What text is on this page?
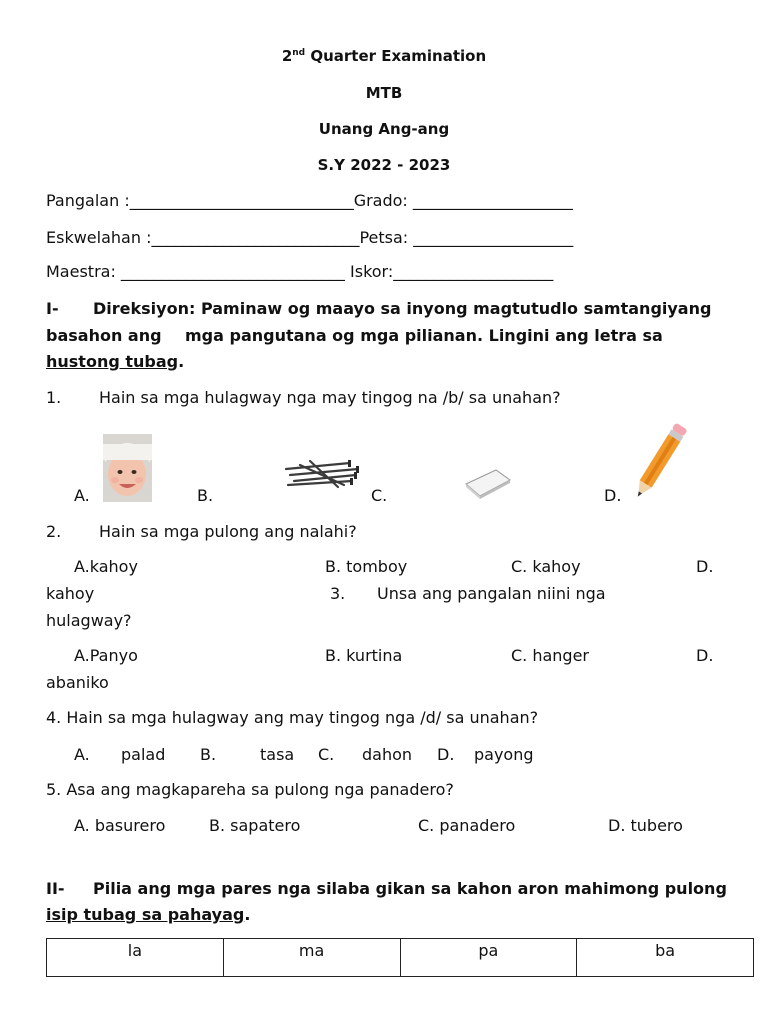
2nd Quarter Examination
MTB
Unang Ang-ang
S.Y 2022 - 2023
Pangalan :____________________________Grado: ____________________
Eskwelahan :__________________________Petsa: ____________________
Maestra: ____________________________ Iskor:____________________
I- Direksiyon: Paminaw og maayo sa inyong magtutudlo samtangiyang
basahon ang mga pangutana og mga pilianan. Lingini ang letra sa
hustong tubag.
1. Hain sa mga hulagway nga may tingog na /b/ sa unahan?
A.	B.	C.	D.
2. Hain sa mga pulong ang nalahi?
A.kahoy	B. tomboy	C. kahoy	D.
kahoy	3. Unsa ang pangalan niini nga
hulagway?
A.Panyo	B. kurtina	C. hanger	D.
abaniko
4. Hain sa mga hulagway ang may tingog nga /d/ sa unahan?
A. palad B.	tasa C. dahon D. payong
5. Asa ang magkapareha sa pulong nga panadero?
A. basurero	B. sapatero	C. panadero	D. tubero
II- Pilia ang mga pares nga silaba gikan sa kahon aron mahimong pulong
isip tubag sa pahayag.
la	ma	pa	ba
